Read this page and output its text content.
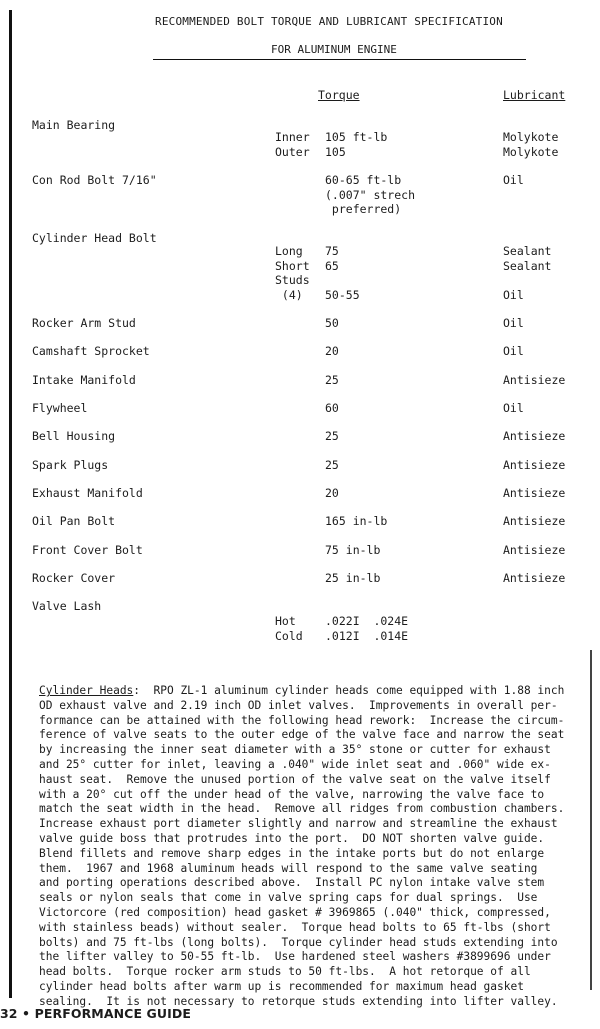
RECOMMENDED BOLT TORQUE AND LUBRICANT SPECIFICATION
FOR ALUMINUM ENGINE
Torque	Lubricant
Main Bearing
Inner 105 ft-lb	Molykote
Outer 105	Molykote
Con Rod Bolt 7/16"	60-65 ft-lb	Oil
(.007" strech
preferred)
Cylinder Head Bolt
Long 75	Sealant
Short 65	Sealant
Studs
(4) 50-55	Oil
Rocker Arm Stud	50	Oil
Camshaft Sprocket	20	Oil
Intake Manifold	25	Antisieze
Flywheel	60	Oil
Bell Housing	25	Antisieze
Spark Plugs	25	Antisieze
Exhaust Manifold	20	Antisieze
Oil Pan Bolt	165 in-lb	Antisieze
Front Cover Bolt	75 in-lb	Antisieze
Rocker Cover	25 in-lb	Antisieze
Valve Lash
Hot	.022I  .024E
Cold .012I  .014E
Cylinder Heads:  RPO ZL-1 aluminum cylinder heads come equipped with 1.88 inch
OD exhaust valve and 2.19 inch OD inlet valves.  Improvements in overall per-
formance can be attained with the following head rework:  Increase the circum-
ference of valve seats to the outer edge of the valve face and narrow the seat
by increasing the inner seat diameter with a 35° stone or cutter for exhaust
and 25° cutter for inlet, leaving a .040" wide inlet seat and .060" wide ex-
haust seat.  Remove the unused portion of the valve seat on the valve itself
with a 20° cut off the under head of the valve, narrowing the valve face to
match the seat width in the head.  Remove all ridges from combustion chambers.
Increase exhaust port diameter slightly and narrow and streamline the exhaust
valve guide boss that protrudes into the port.  DO NOT shorten valve guide.
Blend fillets and remove sharp edges in the intake ports but do not enlarge
them.  1967 and 1968 aluminum heads will respond to the same valve seating
and porting operations described above.  Install PC nylon intake valve stem
seals or nylon seals that come in valve spring caps for dual springs.  Use
Victorcore (red composition) head gasket # 3969865 (.040" thick, compressed,
with stainless beads) without sealer.  Torque head bolts to 65 ft-lbs (short
bolts) and 75 ft-lbs (long bolts).  Torque cylinder head studs extending into
the lifter valley to 50-55 ft-lb.  Use hardened steel washers #3899696 under
head bolts.  Torque rocker arm studs to 50 ft-lbs.  A hot retorque of all
cylinder head bolts after warm up is recommended for maximum head gasket
sealing.  It is not necessary to retorque studs extending into lifter valley.
32 • PERFORMANCE GUIDE
